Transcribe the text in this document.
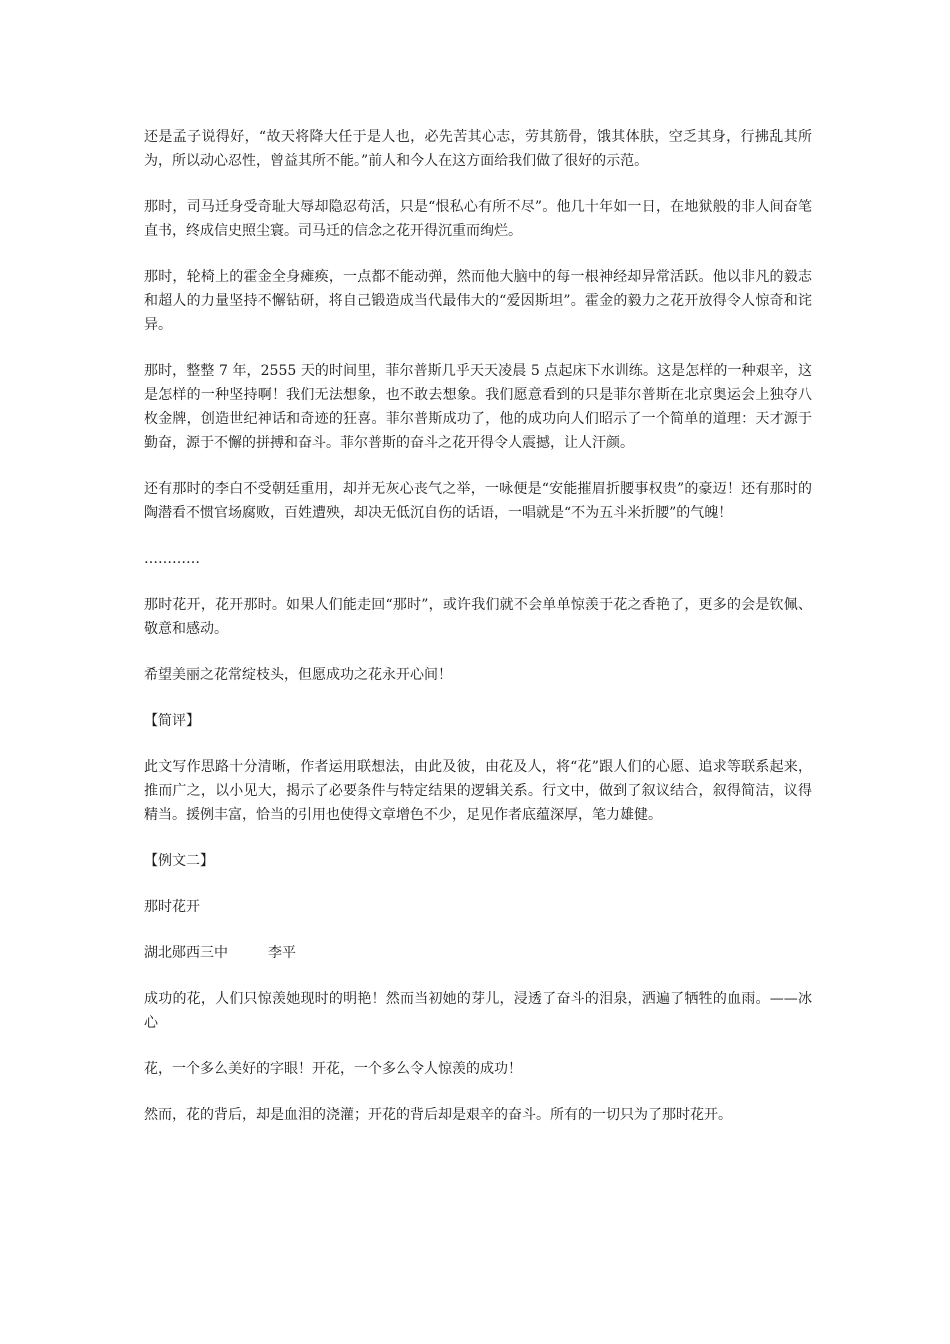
还是孟子说得好，“故天将降大任于是人也，必先苦其心志，劳其筋骨，饿其体肤，空乏其身，行拂乱其所为，所以动心忍性，曾益其所不能。”前人和今人在这方面给我们做了很好的示范。

那时，司马迁身受奇耻大辱却隐忍苟活，只是“恨私心有所不尽”。他几十年如一日，在地狱般的非人间奋笔直书，终成信史照尘寰。司马迁的信念之花开得沉重而绚烂。

那时，轮椅上的霍金全身瘫痪，一点都不能动弹，然而他大脑中的每一根神经却异常活跃。他以非凡的毅志和超人的力量坚持不懈钻研，将自己锻造成当代最伟大的“爱因斯坦”。霍金的毅力之花开放得令人惊奇和诧异。

那时，整整 7 年，2555 天的时间里，菲尔普斯几乎天天凌晨 5 点起床下水训练。这是怎样的一种艰辛，这是怎样的一种坚持啊！我们无法想象，也不敢去想象。我们愿意看到的只是菲尔普斯在北京奥运会上独夺八枚金牌，创造世纪神话和奇迹的狂喜。菲尔普斯成功了，他的成功向人们昭示了一个简单的道理：天才源于勤奋，源于不懈的拼搏和奋斗。菲尔普斯的奋斗之花开得令人震撼，让人汗颜。

还有那时的李白不受朝廷重用，却并无灰心丧气之举，一咏便是“安能摧眉折腰事权贵”的豪迈！还有那时的陶潜看不惯官场腐败，百姓遭殃，却决无低沉自伤的话语，一唱就是“不为五斗米折腰”的气魄！

…………

那时花开，花开那时。如果人们能走回“那时”，或许我们就不会单单惊羡于花之香艳了，更多的会是钦佩、敬意和感动。

希望美丽之花常绽枝头，但愿成功之花永开心间！

【简评】

此文写作思路十分清晰，作者运用联想法，由此及彼，由花及人，将“花”跟人们的心愿、追求等联系起来，推而广之，以小见大，揭示了必要条件与特定结果的逻辑关系。行文中，做到了叙议结合，叙得简洁，议得精当。援例丰富，恰当的引用也使得文章增色不少，足见作者底蕴深厚，笔力雄健。

【例文二】

那时花开

湖北郧西三中	李平

成功的花，人们只惊羡她现时的明艳！然而当初她的芽儿，浸透了奋斗的泪泉，洒遍了牺牲的血雨。——冰心

花，一个多么美好的字眼！开花，一个多么令人惊羡的成功！

然而，花的背后，却是血泪的浇灌；开花的背后却是艰辛的奋斗。所有的一切只为了那时花开。
